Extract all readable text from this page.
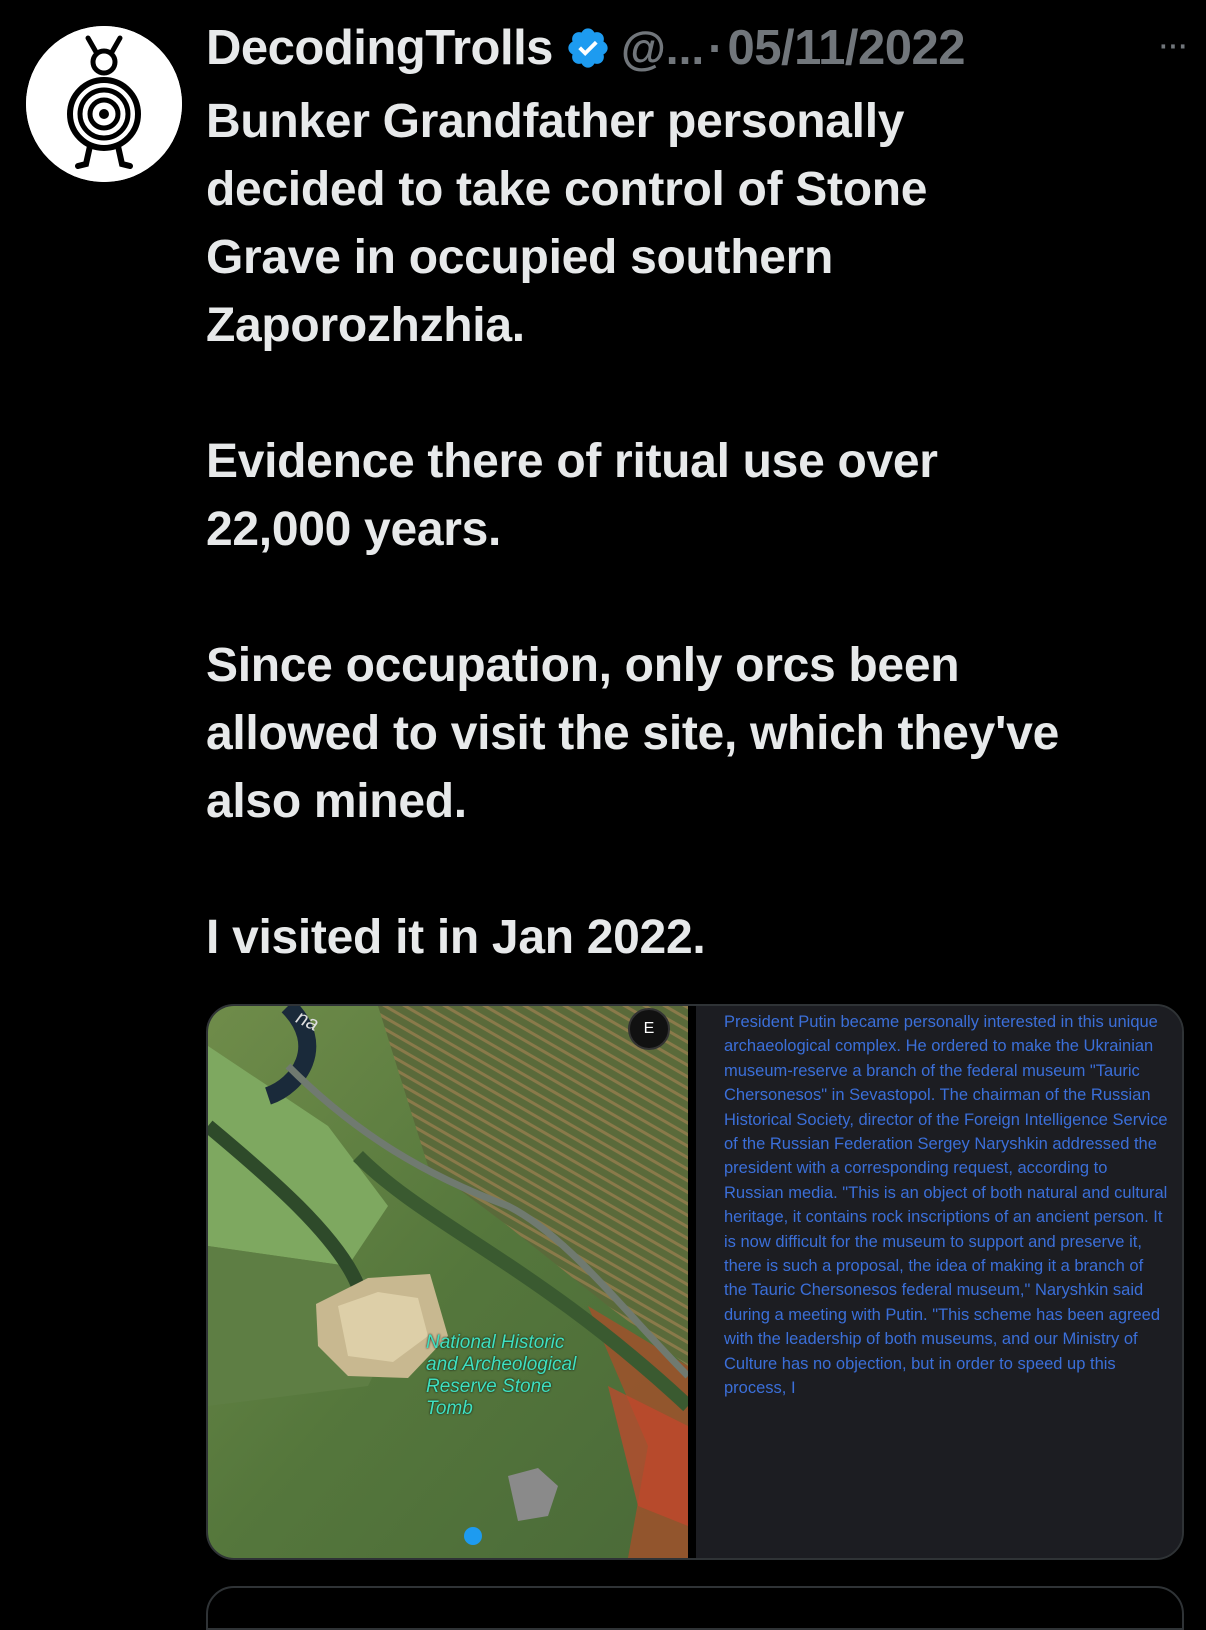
DecodingTrolls @... · 05/11/2022	···
Bunker Grandfather personally
decided to take control of Stone
Grave in occupied southern
Zaporozhzhia.

Evidence there of ritual use over
22,000 years.

Since occupation, only orcs been
allowed to visit the site, which they've
also mined.

I visited it in Jan 2022.
na	E
National Historic and Archeological Reserve Stone Tomb
President Putin became personally interested in this unique archaeological complex. He ordered to make the Ukrainian museum-reserve a branch of the federal museum "Tauric Chersonesos" in Sevastopol. The chairman of the Russian Historical Society, director of the Foreign Intelligence Service of the Russian Federation Sergey Naryshkin addressed the president with a corresponding request, according to Russian media. "This is an object of both natural and cultural heritage, it contains rock inscriptions of an ancient person. It is now difficult for the museum to support and preserve it, there is such a proposal, the idea of making it a branch of the Tauric Chersonesos federal museum," Naryshkin said during a meeting with Putin. "This scheme has been agreed with the leadership of both museums, and our Ministry of Culture has no objection, but in order to speed up this process, I
